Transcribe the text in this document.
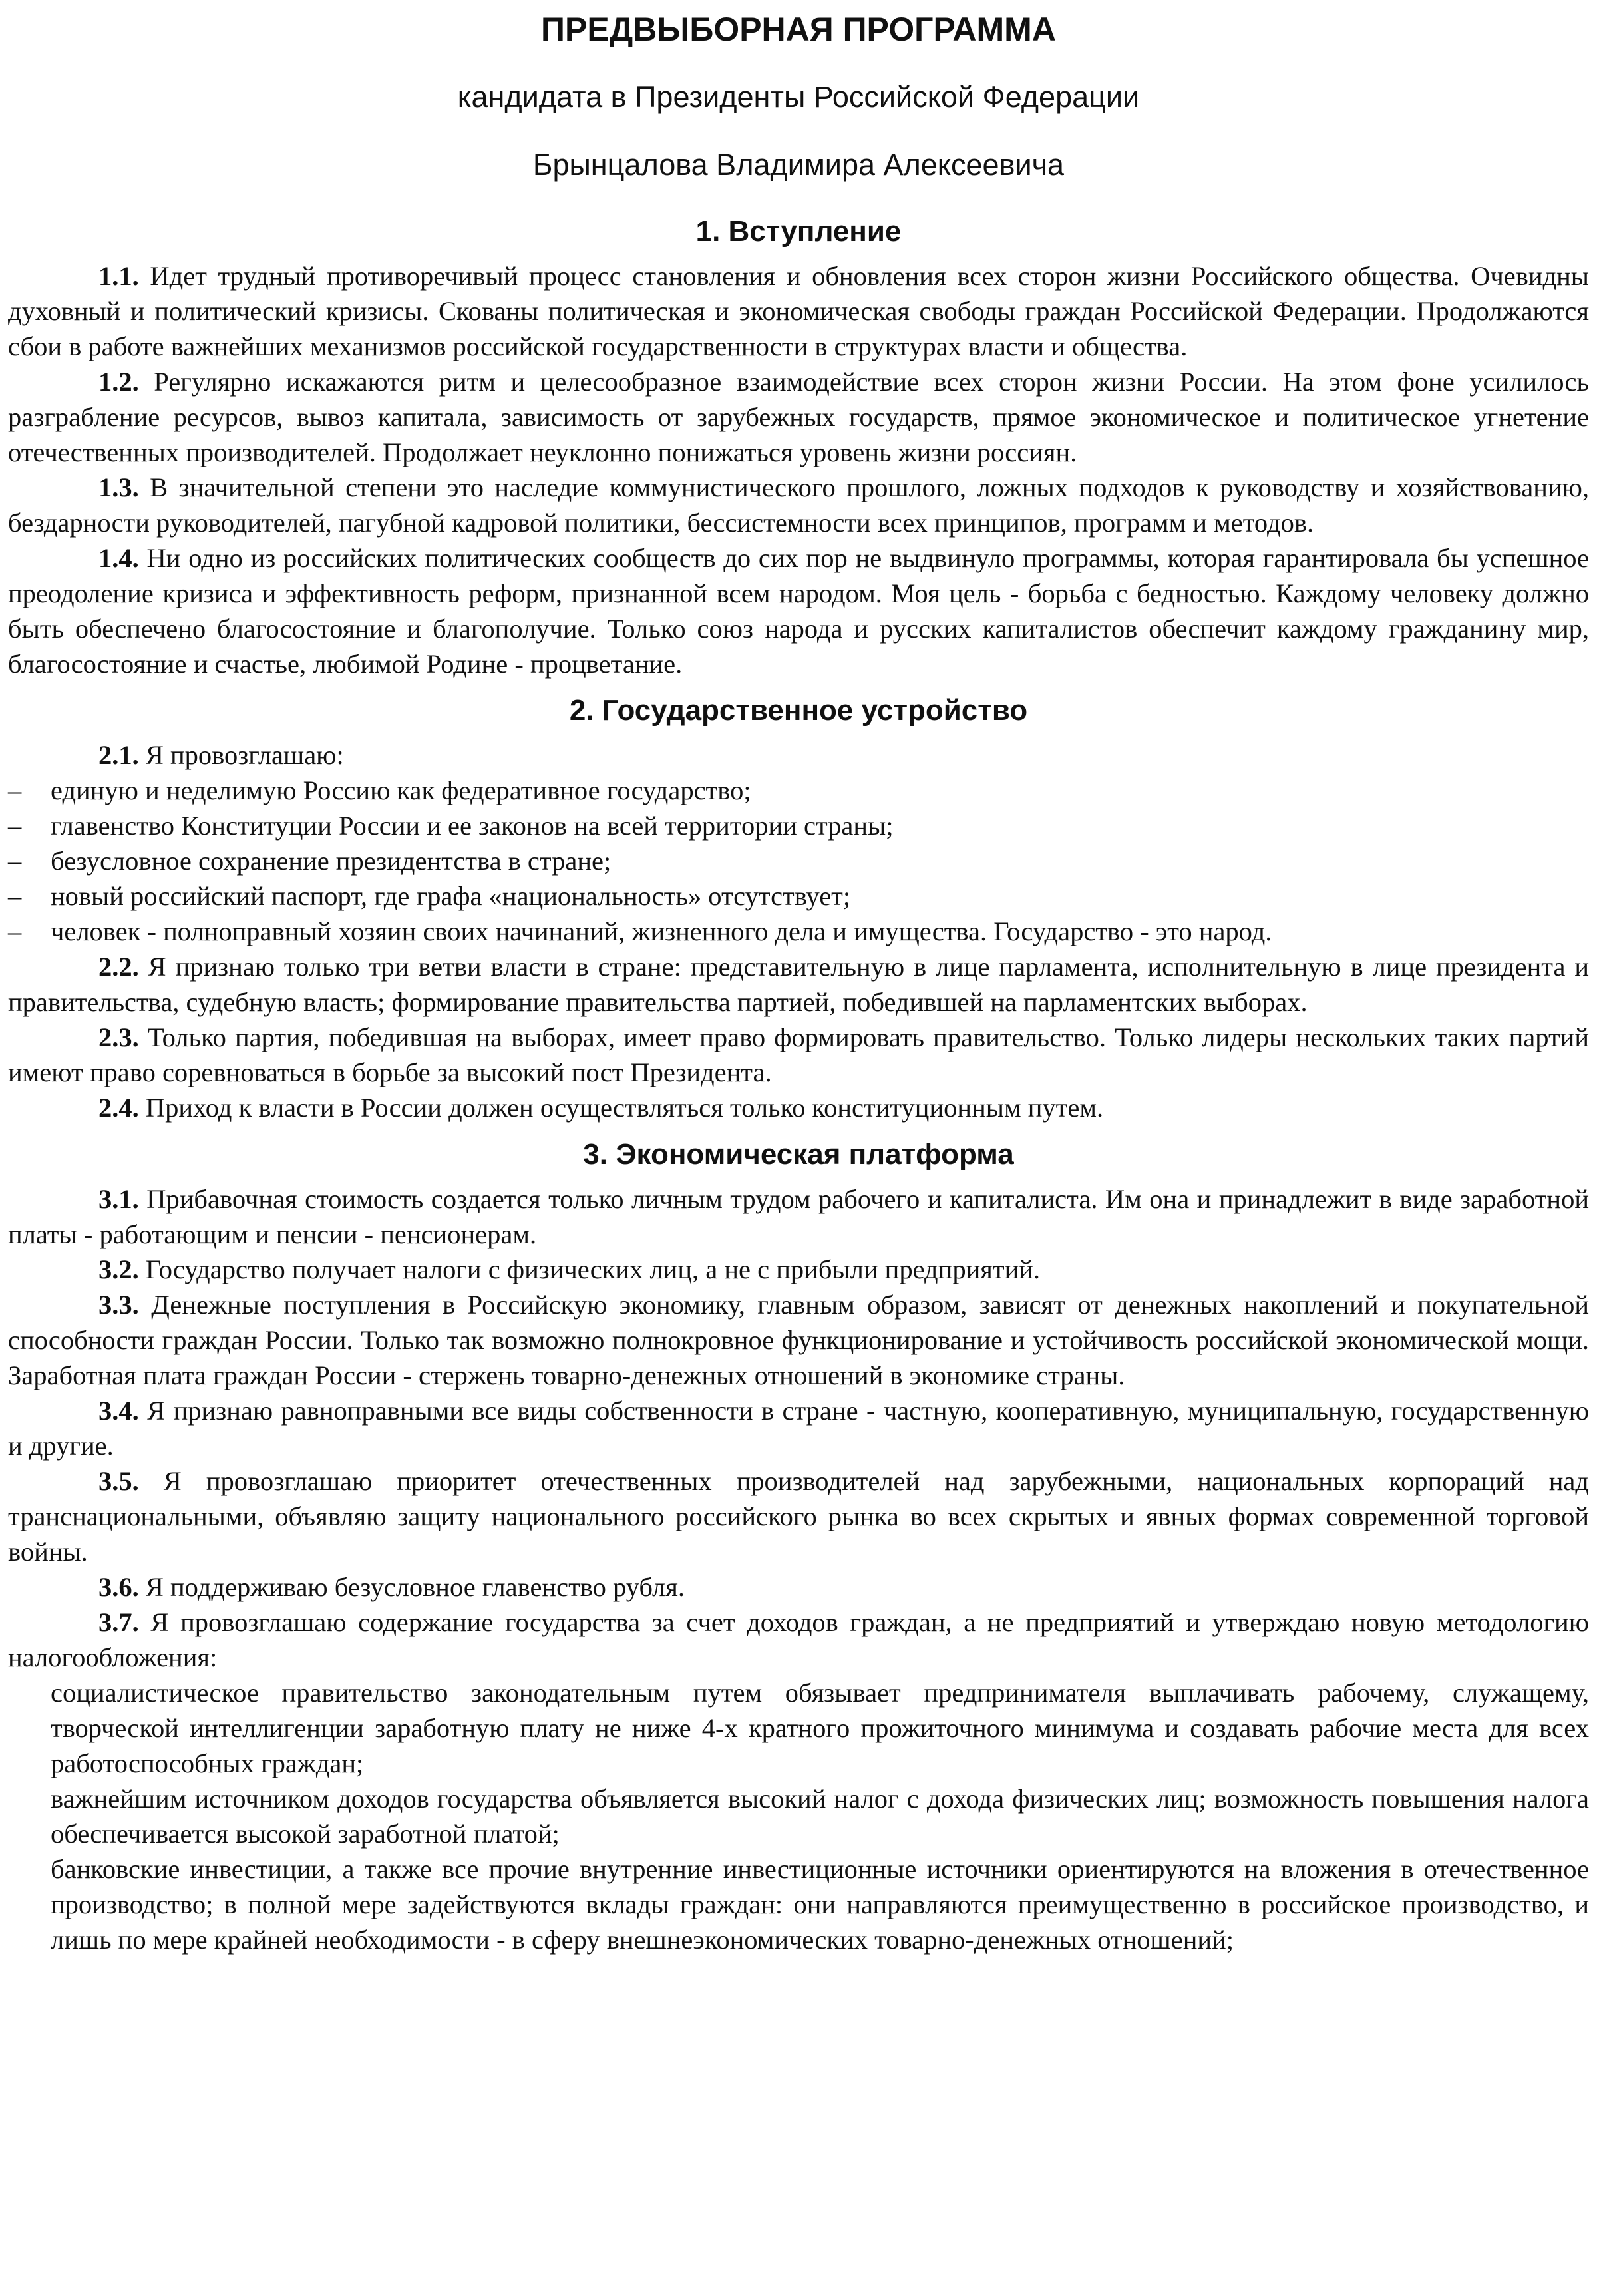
ПРЕДВЫБОРНАЯ ПРОГРАММА
кандидата в Президенты Российской Федерации
Брынцалова Владимира Алексеевича
1. Вступление

1.1. Идет трудный противоречивый процесс становления и обновления всех сторон жизни Российского общества. Очевидны духовный и политический кризисы. Скованы политическая и экономическая свободы граждан Российской Федерации. Продолжаются сбои в работе важнейших механизмов российской государственности в структурах власти и общества.

1.2. Регулярно искажаются ритм и целесообразное взаимодействие всех сторон жизни России. На этом фоне усилилось разграбление ресурсов, вывоз капитала, зависимость от зарубежных государств, прямое экономическое и политическое угнетение отечественных производителей. Продолжает неуклонно понижаться уровень жизни россиян.

1.3. В значительной степени это наследие коммунистического прошлого, ложных подходов к руководству и хозяйствованию, бездарности руководителей, пагубной кадровой политики, бессистемности всех принципов, программ и методов.

1.4. Ни одно из российских политических сообществ до сих пор не выдвинуло программы, которая гарантировала бы успешное преодоление кризиса и эффективность реформ, признанной всем народом. Моя цель - борьба с бедностью. Каждому человеку должно быть обеспечено благосостояние и благополучие. Только союз народа и русских капиталистов обеспечит каждому гражданину мир, благосостояние и счастье, любимой Родине - процветание.

2. Государственное устройство

2.1. Я провозглашаю:

– единую и неделимую Россию как федеративное государство;

– главенство Конституции России и ее законов на всей территории страны;

– безусловное сохранение президентства в стране;

– новый российский паспорт, где графа «национальность» отсутствует;

– человек - полноправный хозяин своих начинаний, жизненного дела и имущества. Государство - это народ.

2.2. Я признаю только три ветви власти в стране: представительную в лице парламента, исполнительную в лице президента и правительства, судебную власть; формирование правительства партией, победившей на парламентских выборах.

2.3. Только партия, победившая на выборах, имеет право формировать правительство. Только лидеры нескольких таких партий имеют право соревноваться в борьбе за высокий пост Президента.

2.4. Приход к власти в России должен осуществляться только конституционным путем.

3. Экономическая платформа

3.1. Прибавочная стоимость создается только личным трудом рабочего и капиталиста. Им она и принадлежит в виде заработной платы - работающим и пенсии - пенсионерам.

3.2. Государство получает налоги с физических лиц, а не с прибыли предприятий.

3.3. Денежные поступления в Российскую экономику, главным образом, зависят от денежных накоплений и покупательной способности граждан России. Только так возможно полнокровное функционирование и устойчивость российской экономической мощи. Заработная плата граждан России - стержень товарно-денежных отношений в экономике страны.

3.4. Я признаю равноправными все виды собственности в стране - частную, кооперативную, муниципальную, государственную и другие.

3.5. Я провозглашаю приоритет отечественных производителей над зарубежными, национальных корпораций над транснациональными, объявляю защиту национального российского рынка во всех скрытых и явных формах современной торговой войны.

3.6. Я поддерживаю безусловное главенство рубля.

3.7. Я провозглашаю содержание государства за счет доходов граждан, а не предприятий и утверждаю новую методологию налогообложения:

социалистическое правительство законодательным путем обязывает предпринимателя выплачивать рабочему, служащему, творческой интеллигенции заработную плату не ниже 4-х кратного прожиточного минимума и создавать рабочие места для всех работоспособных граждан;

важнейшим источником доходов государства объявляется высокий налог с дохода физических лиц; возможность повышения налога обеспечивается высокой заработной платой;

банковские инвестиции, а также все прочие внутренние инвестиционные источники ориентируются на вложения в отечественное производство; в полной мере задействуются вклады граждан: они направляются преимущественно в российское производство, и лишь по мере крайней необходимости - в сферу внешнеэкономических товарно-денежных отношений;
